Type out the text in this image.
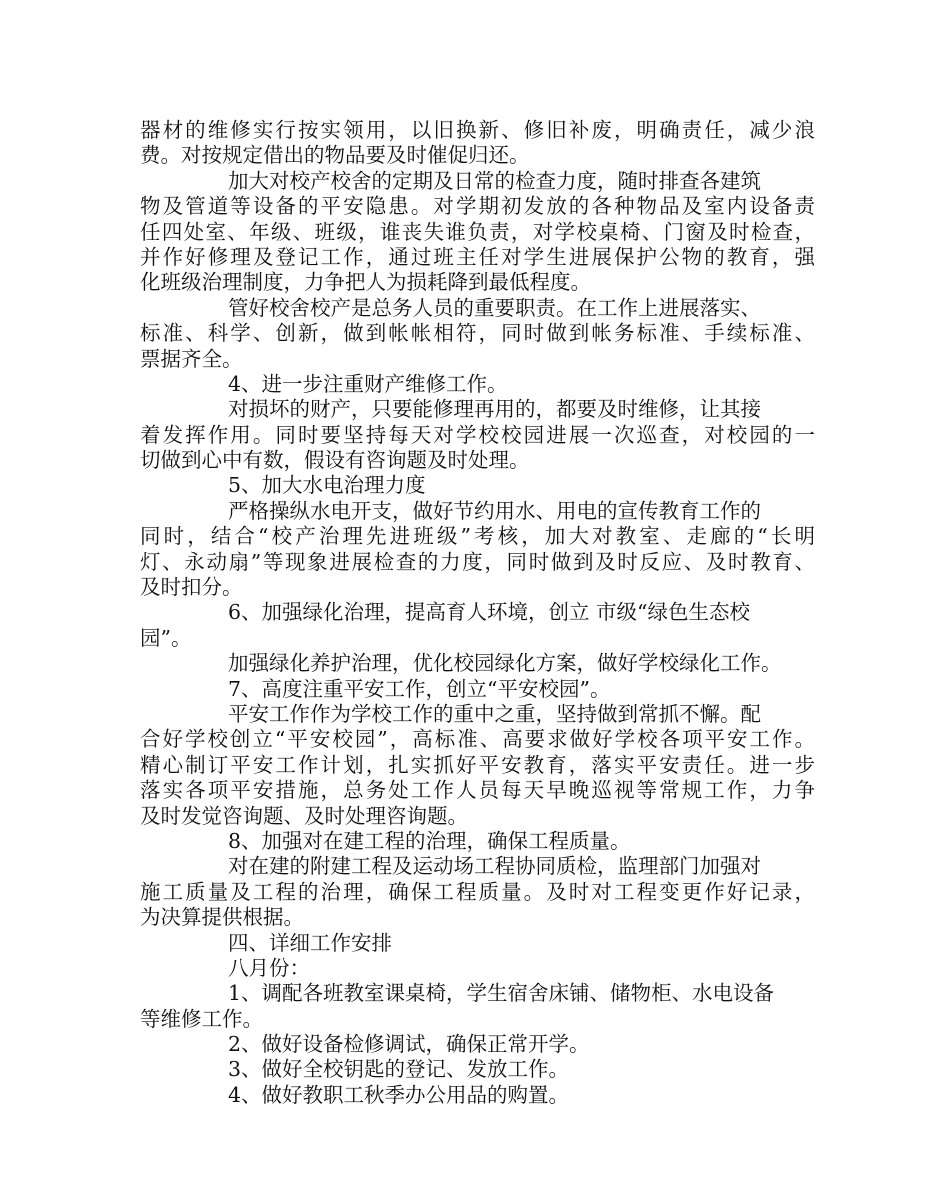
器材的维修实行按实领用，以旧换新、修旧补废，明确责任，减少浪
费。对按规定借出的物品要及时催促归还。
加大对校产校舍的定期及日常的检查力度，随时排查各建筑
物及管道等设备的平安隐患。对学期初发放的各种物品及室内设备责
任四处室、年级、班级，谁丧失谁负责，对学校桌椅、门窗及时检查，
并作好修理及登记工作，通过班主任对学生进展保护公物的教育，强
化班级治理制度，力争把人为损耗降到最低程度。
管好校舍校产是总务人员的重要职责。在工作上进展落实、
标准、科学、创新，做到帐帐相符，同时做到帐务标准、手续标准、
票据齐全。
4、进一步注重财产维修工作。
对损坏的财产，只要能修理再用的，都要及时维修，让其接
着发挥作用。同时要坚持每天对学校校园进展一次巡查，对校园的一
切做到心中有数，假设有咨询题及时处理。
5、加大水电治理力度
严格操纵水电开支，做好节约用水、用电的宣传教育工作的
同时，结合“校产治理先进班级”考核，加大对教室、走廊的“长明
灯、永动扇”等现象进展检查的力度，同时做到及时反应、及时教育、
及时扣分。
6、加强绿化治理，提高育人环境，创立 市级“绿色生态校
园”。
加强绿化养护治理，优化校园绿化方案，做好学校绿化工作。
7、高度注重平安工作，创立“平安校园”。
平安工作作为学校工作的重中之重，坚持做到常抓不懈。配
合好学校创立“平安校园”，高标准、高要求做好学校各项平安工作。
精心制订平安工作计划，扎实抓好平安教育，落实平安责任。进一步
落实各项平安措施，总务处工作人员每天早晚巡视等常规工作，力争
及时发觉咨询题、及时处理咨询题。
8、加强对在建工程的治理，确保工程质量。
对在建的附建工程及运动场工程协同质检，监理部门加强对
施工质量及工程的治理，确保工程质量。及时对工程变更作好记录，
为决算提供根据。
四、详细工作安排
八月份：
1、调配各班教室课桌椅，学生宿舍床铺、储物柜、水电设备
等维修工作。
2、做好设备检修调试，确保正常开学。
3、做好全校钥匙的登记、发放工作。
4、做好教职工秋季办公用品的购置。
